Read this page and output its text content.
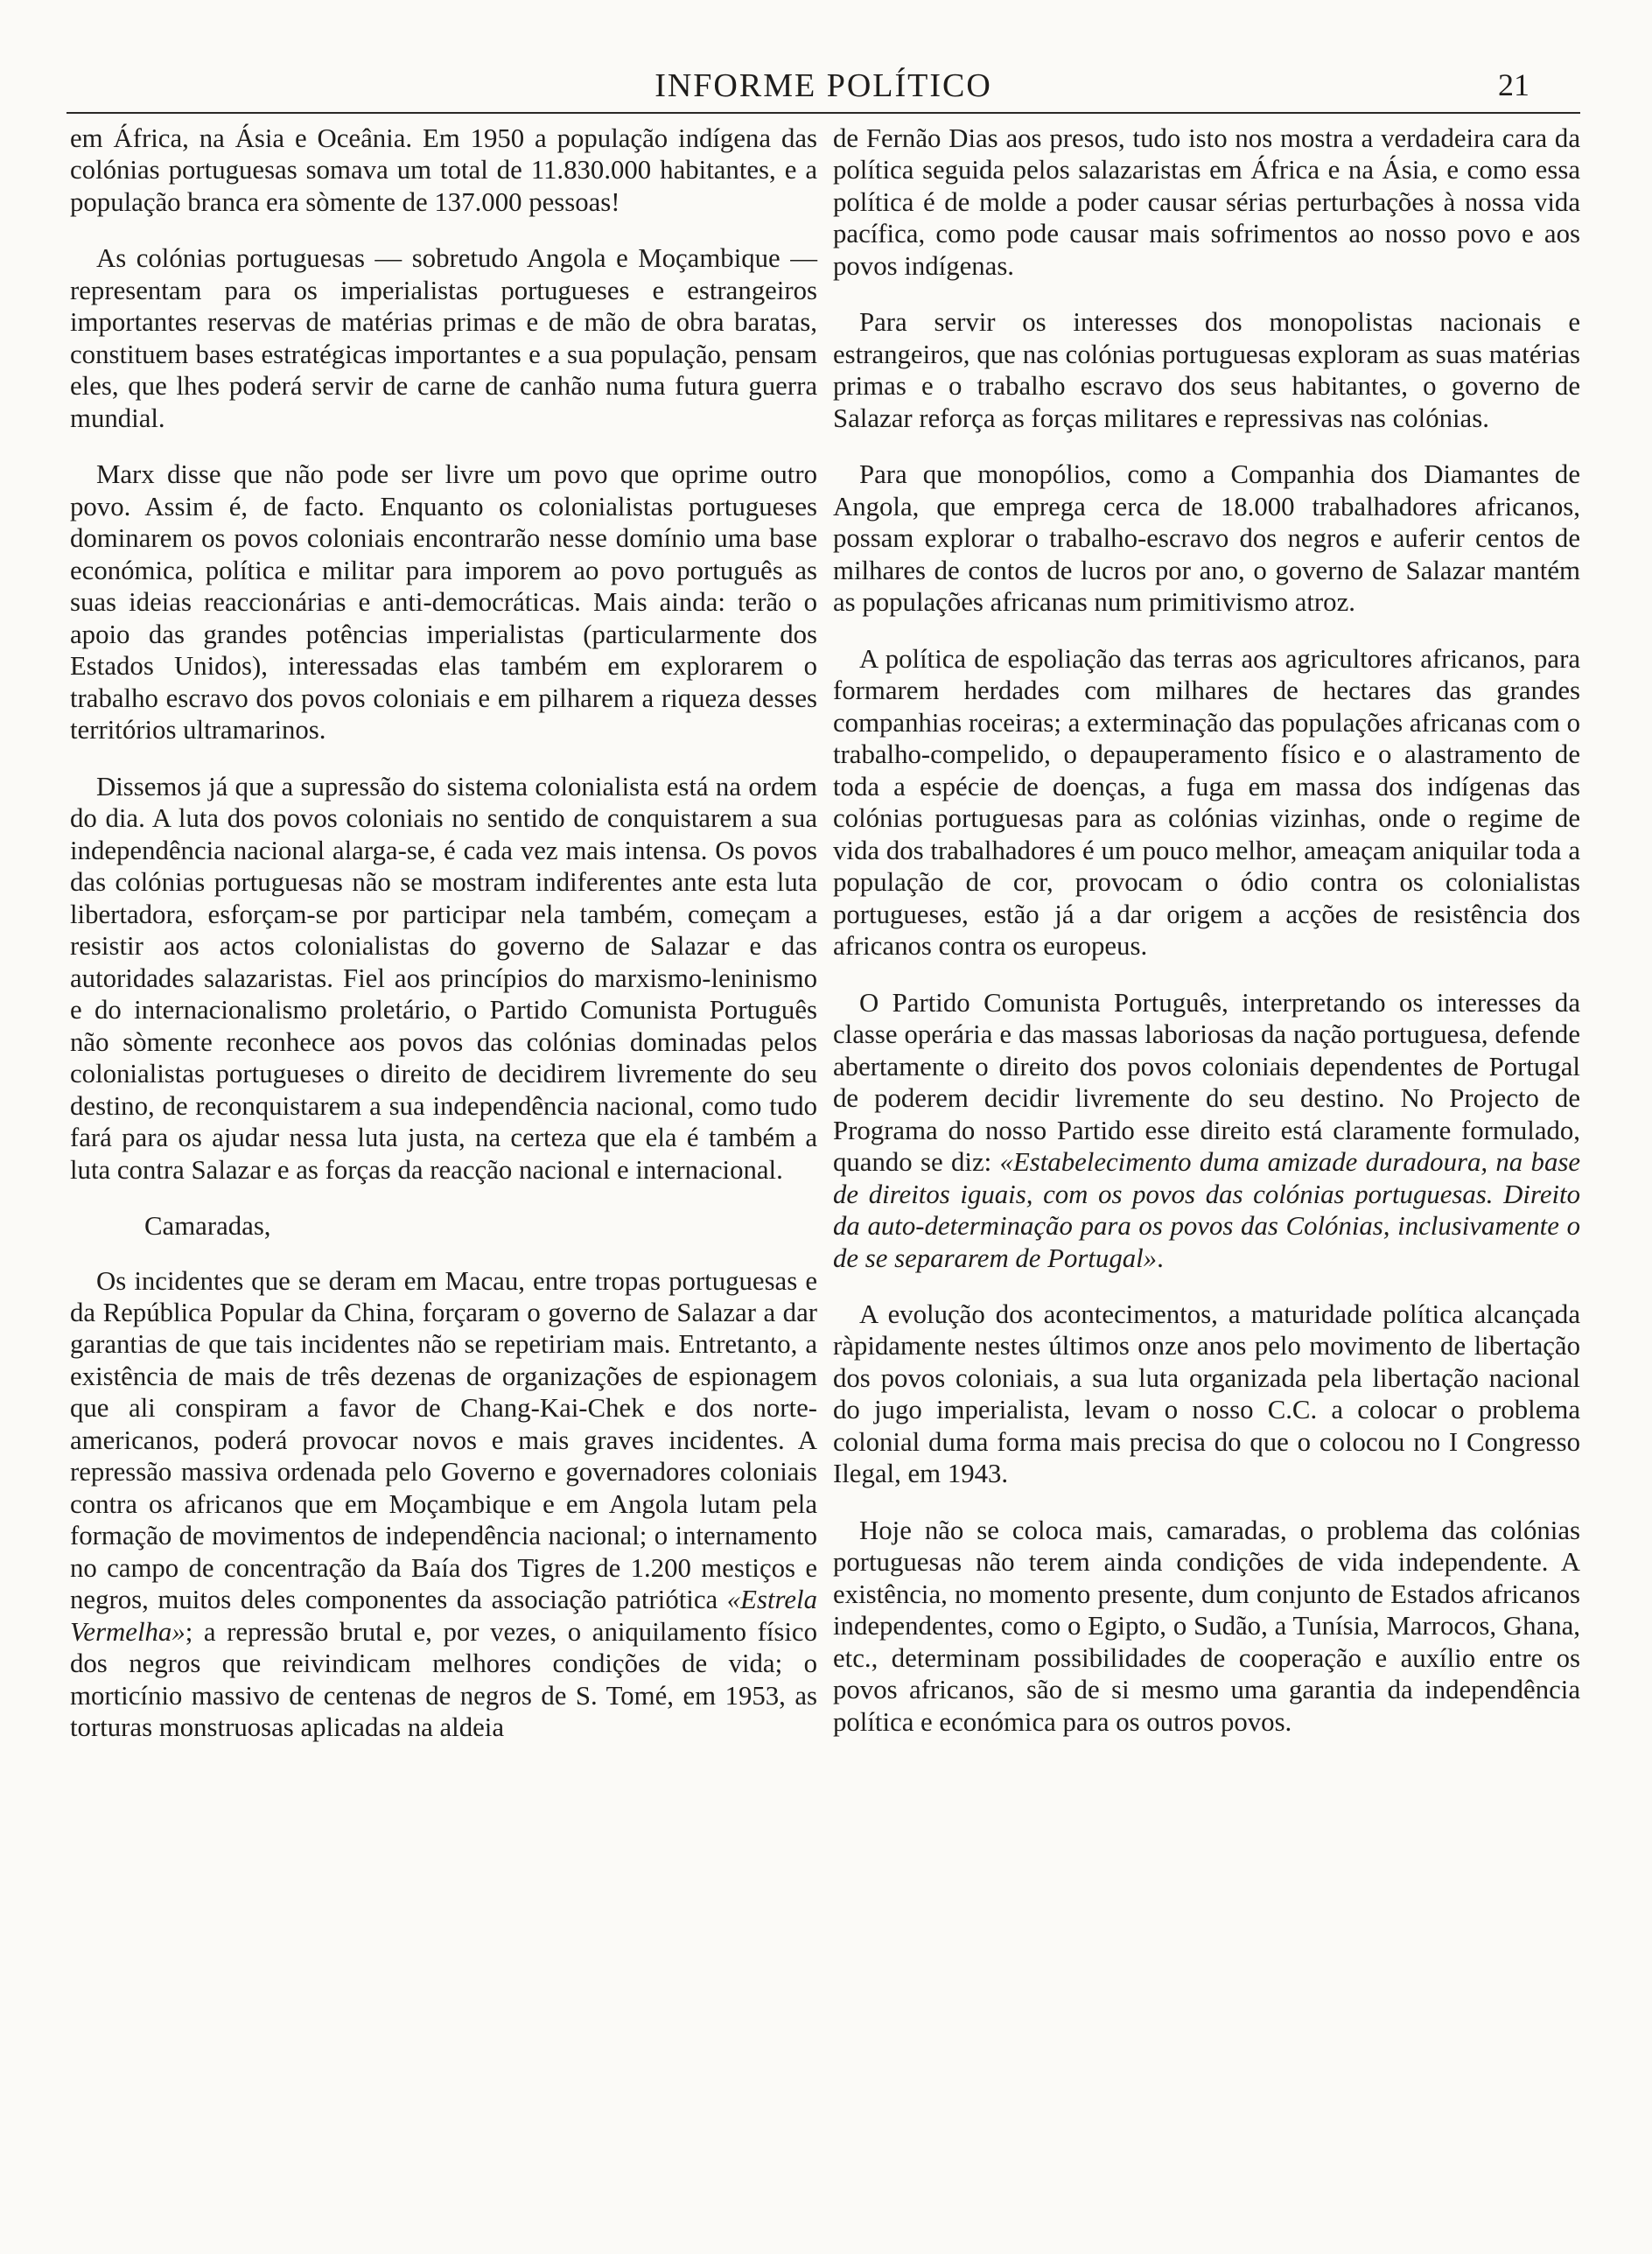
INFORME POLÍTICO	21

em África, na Ásia e Oceânia. Em 1950 a população indígena das colónias portuguesas somava um total de 11.830.000 habitantes, e a população branca era sòmente de 137.000 pessoas!

As colónias portuguesas — sobretudo Angola e Moçambique — representam para os imperialistas portugueses e estrangeiros importantes reservas de matérias primas e de mão de obra baratas, constituem bases estratégicas importantes e a sua população, pensam eles, que lhes poderá servir de carne de canhão numa futura guerra mundial.

Marx disse que não pode ser livre um povo que oprime outro povo. Assim é, de facto. Enquanto os colonialistas portugueses dominarem os povos coloniais encontrarão nesse domínio uma base económica, política e militar para imporem ao povo português as suas ideias reaccionárias e anti-democráticas. Mais ainda: terão o apoio das grandes potências imperialistas (particularmente dos Estados Unidos), interessadas elas também em explorarem o trabalho escravo dos povos coloniais e em pilharem a riqueza desses territórios ultramarinos.

Dissemos já que a supressão do sistema colonialista está na ordem do dia. A luta dos povos coloniais no sentido de conquistarem a sua independência nacional alarga-se, é cada vez mais intensa. Os povos das colónias portuguesas não se mostram indiferentes ante esta luta libertadora, esforçam-se por participar nela também, começam a resistir aos actos colonialistas do governo de Salazar e das autoridades salazaristas. Fiel aos princípios do marxismo-leninismo e do internacionalismo proletário, o Partido Comunista Português não sòmente reconhece aos povos das colónias dominadas pelos colonialistas portugueses o direito de decidirem livremente do seu destino, de reconquistarem a sua independência nacional, como tudo fará para os ajudar nessa luta justa, na certeza que ela é também a luta contra Salazar e as forças da reacção nacional e internacional.

Camaradas,

Os incidentes que se deram em Macau, entre tropas portuguesas e da República Popular da China, forçaram o governo de Salazar a dar garantias de que tais incidentes não se repetiriam mais. Entretanto, a existência de mais de três dezenas de organizações de espionagem que ali conspiram a favor de Chang-Kai-Chek e dos norte-americanos, poderá provocar novos e mais graves incidentes. A repressão massiva ordenada pelo Governo e governadores coloniais contra os africanos que em Moçambique e em Angola lutam pela formação de movimentos de independência nacional; o internamento no campo de concentração da Baía dos Tigres de 1.200 mestiços e negros, muitos deles componentes da associação patriótica «Estrela Vermelha»; a repressão brutal e, por vezes, o aniquilamento físico dos negros que reivindicam melhores condições de vida; o morticínio massivo de centenas de negros de S. Tomé, em 1953, as torturas monstruosas aplicadas na aldeia

de Fernão Dias aos presos, tudo isto nos mostra a verdadeira cara da política seguida pelos salazaristas em África e na Ásia, e como essa política é de molde a poder causar sérias perturbações à nossa vida pacífica, como pode causar mais sofrimentos ao nosso povo e aos povos indígenas.

Para servir os interesses dos monopolistas nacionais e estrangeiros, que nas colónias portuguesas exploram as suas matérias primas e o trabalho escravo dos seus habitantes, o governo de Salazar reforça as forças militares e repressivas nas colónias.

Para que monopólios, como a Companhia dos Diamantes de Angola, que emprega cerca de 18.000 trabalhadores africanos, possam explorar o trabalho-escravo dos negros e auferir centos de milhares de contos de lucros por ano, o governo de Salazar mantém as populações africanas num primitivismo atroz.

A política de espoliação das terras aos agricultores africanos, para formarem herdades com milhares de hectares das grandes companhias roceiras; a exterminação das populações africanas com o trabalho-compelido, o depauperamento físico e o alastramento de toda a espécie de doenças, a fuga em massa dos indígenas das colónias portuguesas para as colónias vizinhas, onde o regime de vida dos trabalhadores é um pouco melhor, ameaçam aniquilar toda a população de cor, provocam o ódio contra os colonialistas portugueses, estão já a dar origem a acções de resistência dos africanos contra os europeus.

O Partido Comunista Português, interpretando os interesses da classe operária e das massas laboriosas da nação portuguesa, defende abertamente o direito dos povos coloniais dependentes de Portugal de poderem decidir livremente do seu destino. No Projecto de Programa do nosso Partido esse direito está claramente formulado, quando se diz: «Estabelecimento duma amizade duradoura, na base de direitos iguais, com os povos das colónias portuguesas. Direito da auto-determinação para os povos das Colónias, inclusivamente o de se separarem de Portugal».

A evolução dos acontecimentos, a maturidade política alcançada ràpidamente nestes últimos onze anos pelo movimento de libertação dos povos coloniais, a sua luta organizada pela libertação nacional do jugo imperialista, levam o nosso C.C. a colocar o problema colonial duma forma mais precisa do que o colocou no I Congresso Ilegal, em 1943.

Hoje não se coloca mais, camaradas, o problema das colónias portuguesas não terem ainda condições de vida independente. A existência, no momento presente, dum conjunto de Estados africanos independentes, como o Egipto, o Sudão, a Tunísia, Marrocos, Ghana, etc., determinam possibilidades de cooperação e auxílio entre os povos africanos, são de si mesmo uma garantia da independência política e económica para os outros povos.
